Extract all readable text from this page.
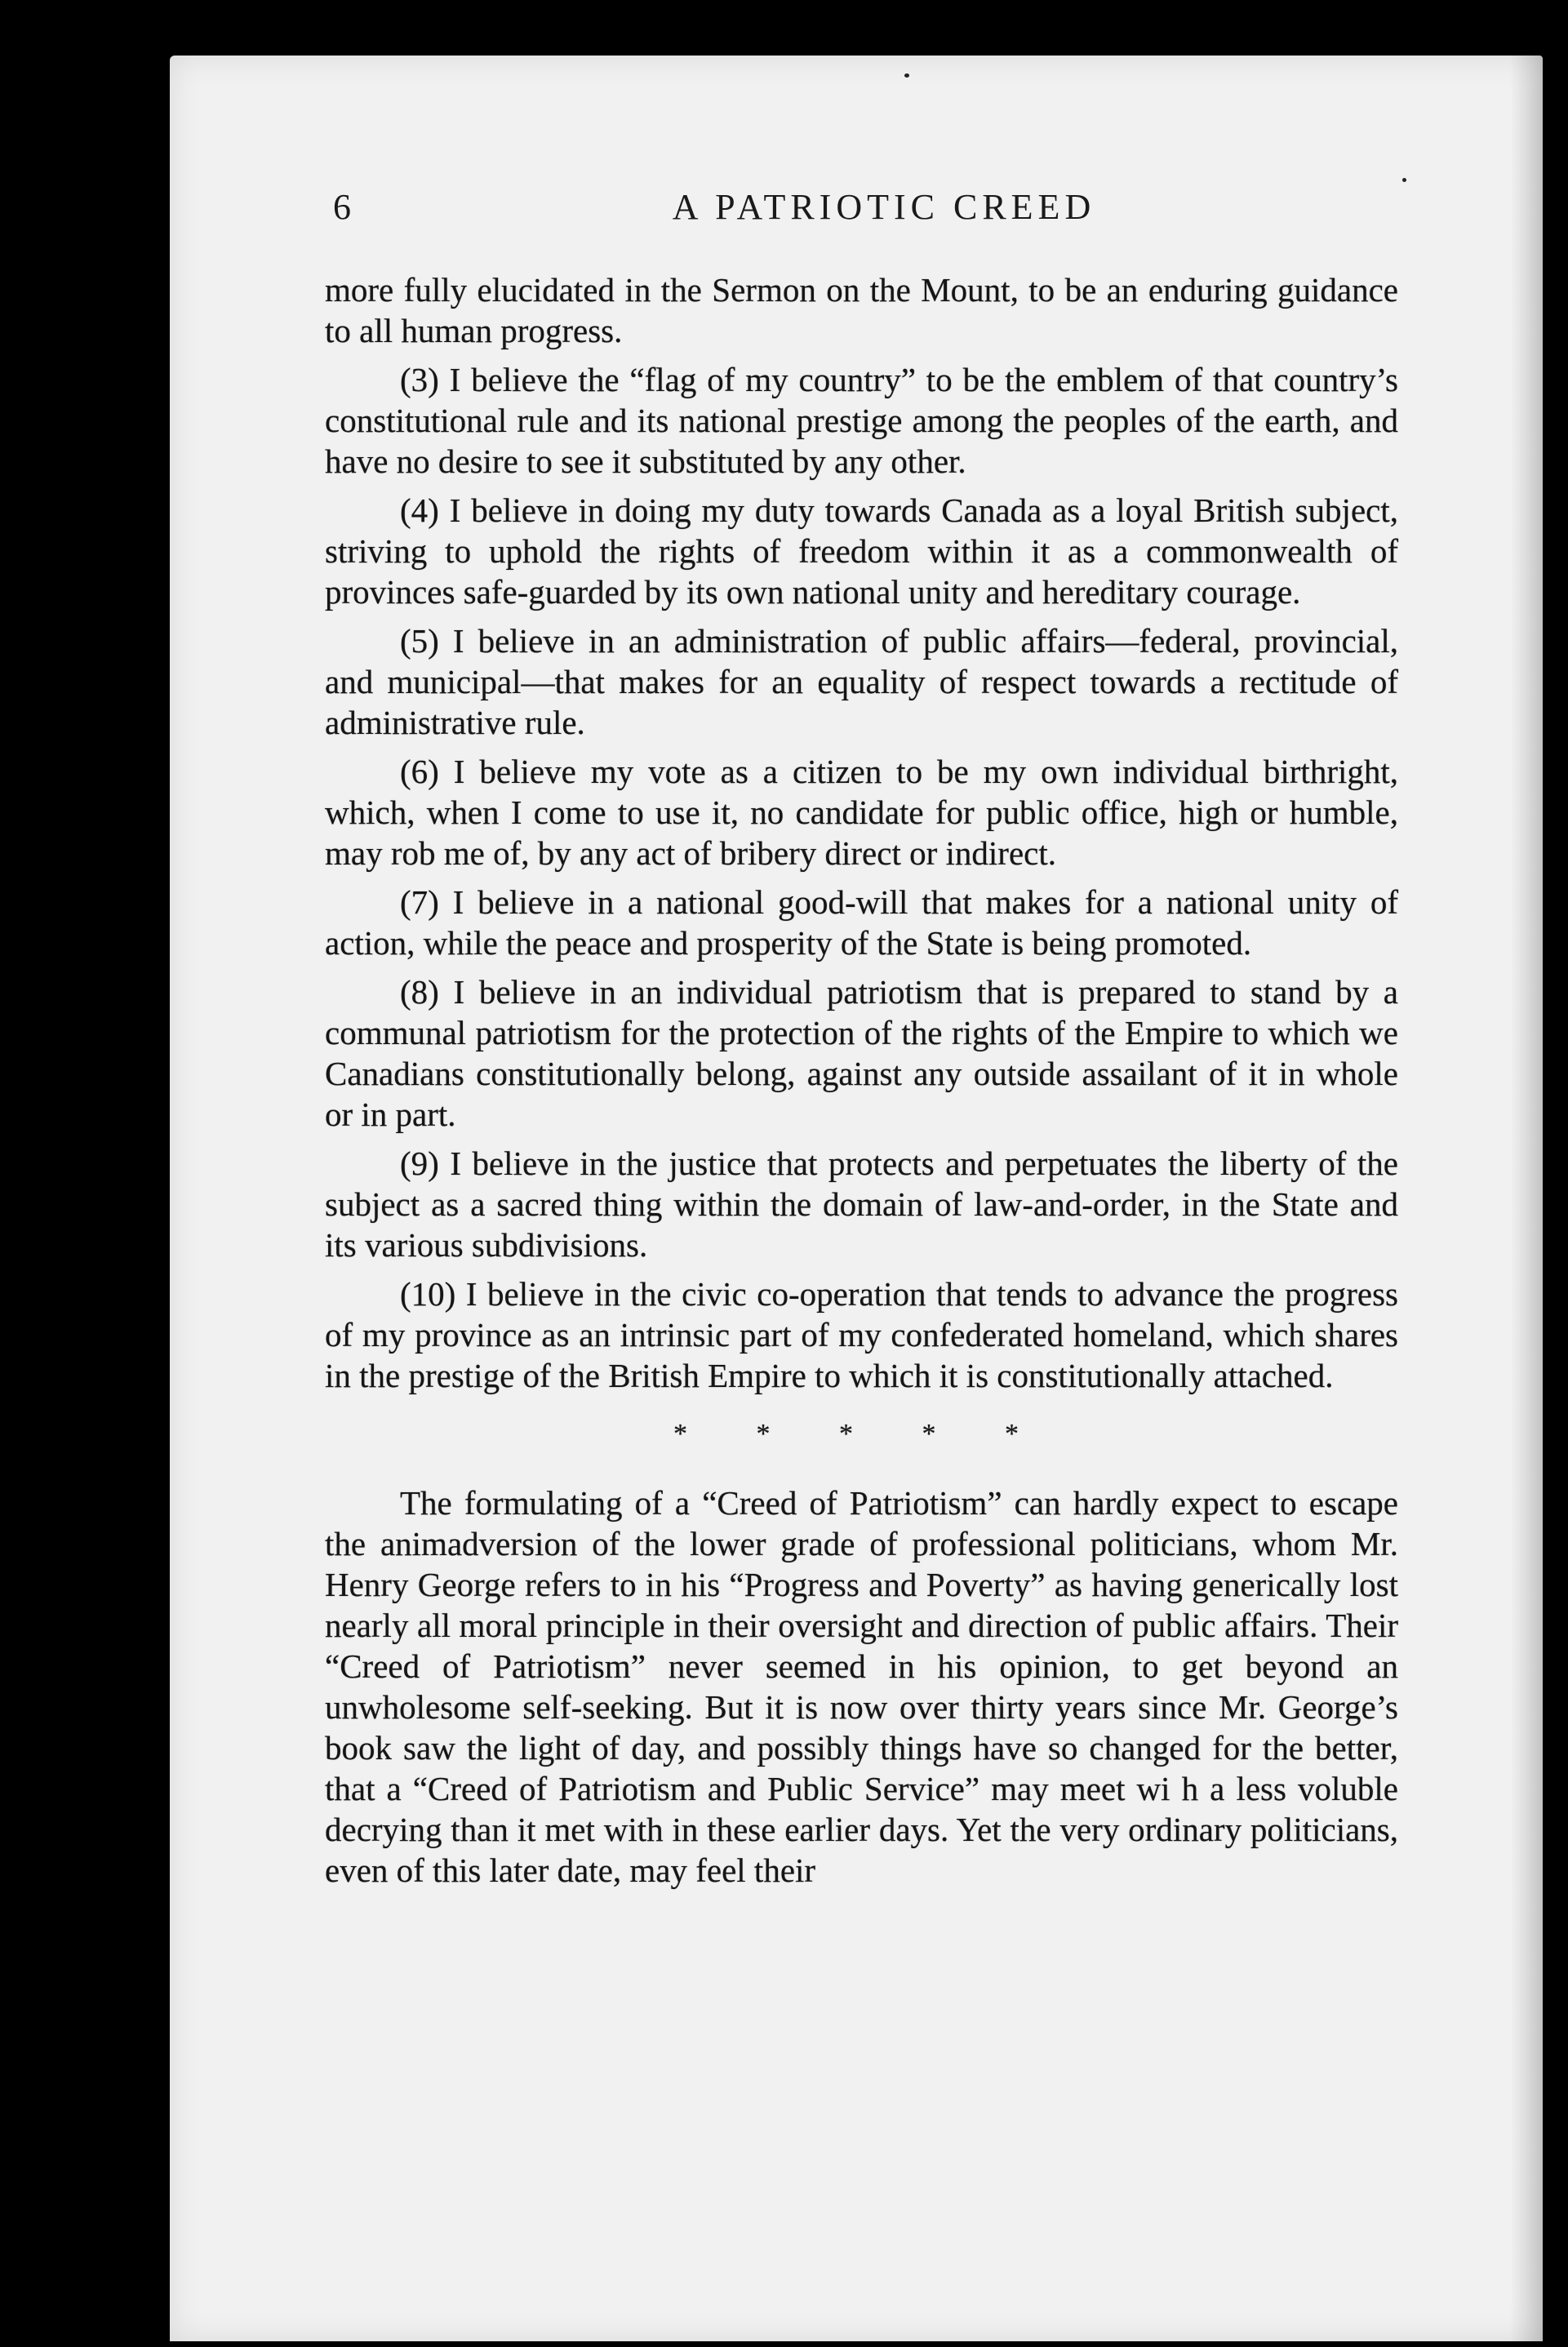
6	A PATRIOTIC CREED

more fully elucidated in the Sermon on the Mount, to be an enduring guidance to all human progress.

(3) I believe the “flag of my country” to be the emblem of that country’s constitutional rule and its national prestige among the peoples of the earth, and have no desire to see it substituted by any other.

(4) I believe in doing my duty towards Canada as a loyal British subject, striving to uphold the rights of freedom within it as a commonwealth of provinces safe-guarded by its own national unity and hereditary courage.

(5) I believe in an administration of public affairs—federal, provincial, and municipal—that makes for an equality of respect towards a rectitude of administrative rule.

(6) I believe my vote as a citizen to be my own individual birthright, which, when I come to use it, no candidate for public office, high or humble, may rob me of, by any act of bribery direct or indirect.

(7) I believe in a national good-will that makes for a national unity of action, while the peace and prosperity of the State is being promoted.

(8) I believe in an individual patriotism that is prepared to stand by a communal patriotism for the protection of the rights of the Empire to which we Canadians constitutionally belong, against any outside assailant of it in whole or in part.

(9) I believe in the justice that protects and perpetuates the liberty of the subject as a sacred thing within the domain of law-and-order, in the State and its various subdivisions.

(10) I believe in the civic co-operation that tends to advance the progress of my province as an intrinsic part of my confederated homeland, which shares in the prestige of the British Empire to which it is constitutionally attached.

* * * * *

The formulating of a “Creed of Patriotism” can hardly expect to escape the animadversion of the lower grade of professional politicians, whom Mr. Henry George refers to in his “Progress and Poverty” as having generically lost nearly all moral principle in their oversight and direction of public affairs. Their “Creed of Patriotism” never seemed in his opinion, to get beyond an unwholesome self-seeking. But it is now over thirty years since Mr. George’s book saw the light of day, and possibly things have so changed for the better, that a “Creed of Patriotism and Public Service” may meet wi h a less voluble decrying than it met with in these earlier days. Yet the very ordinary politicians, even of this later date, may feel their
